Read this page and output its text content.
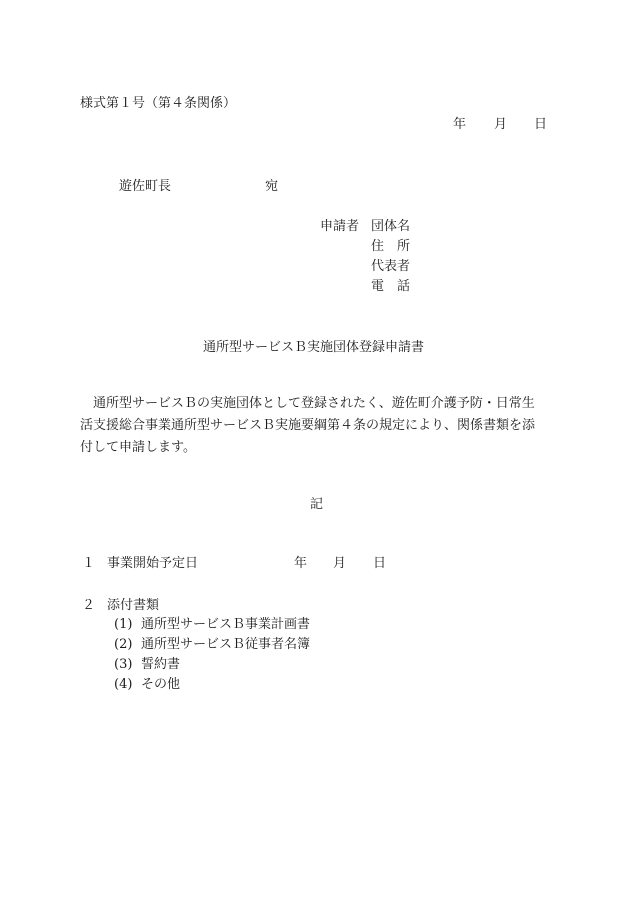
様式第１号（第４条関係）
年 月 日
遊佐町長	宛
申請者 団体名
住　所
代表者
電　話
通所型サービスＢ実施団体登録申請書

　通所型サービスＢの実施団体として登録されたく、遊佐町介護予防・日常生

活支援総合事業通所型サービスＢ実施要綱第４条の規定により、関係書類を添

付して申請します。

記
１ 事業開始予定日	年 月 日
２ 添付書類
(1) 通所型サービスＢ事業計画書
(2) 通所型サービスＢ従事者名簿
(3) 誓約書
(4) その他
